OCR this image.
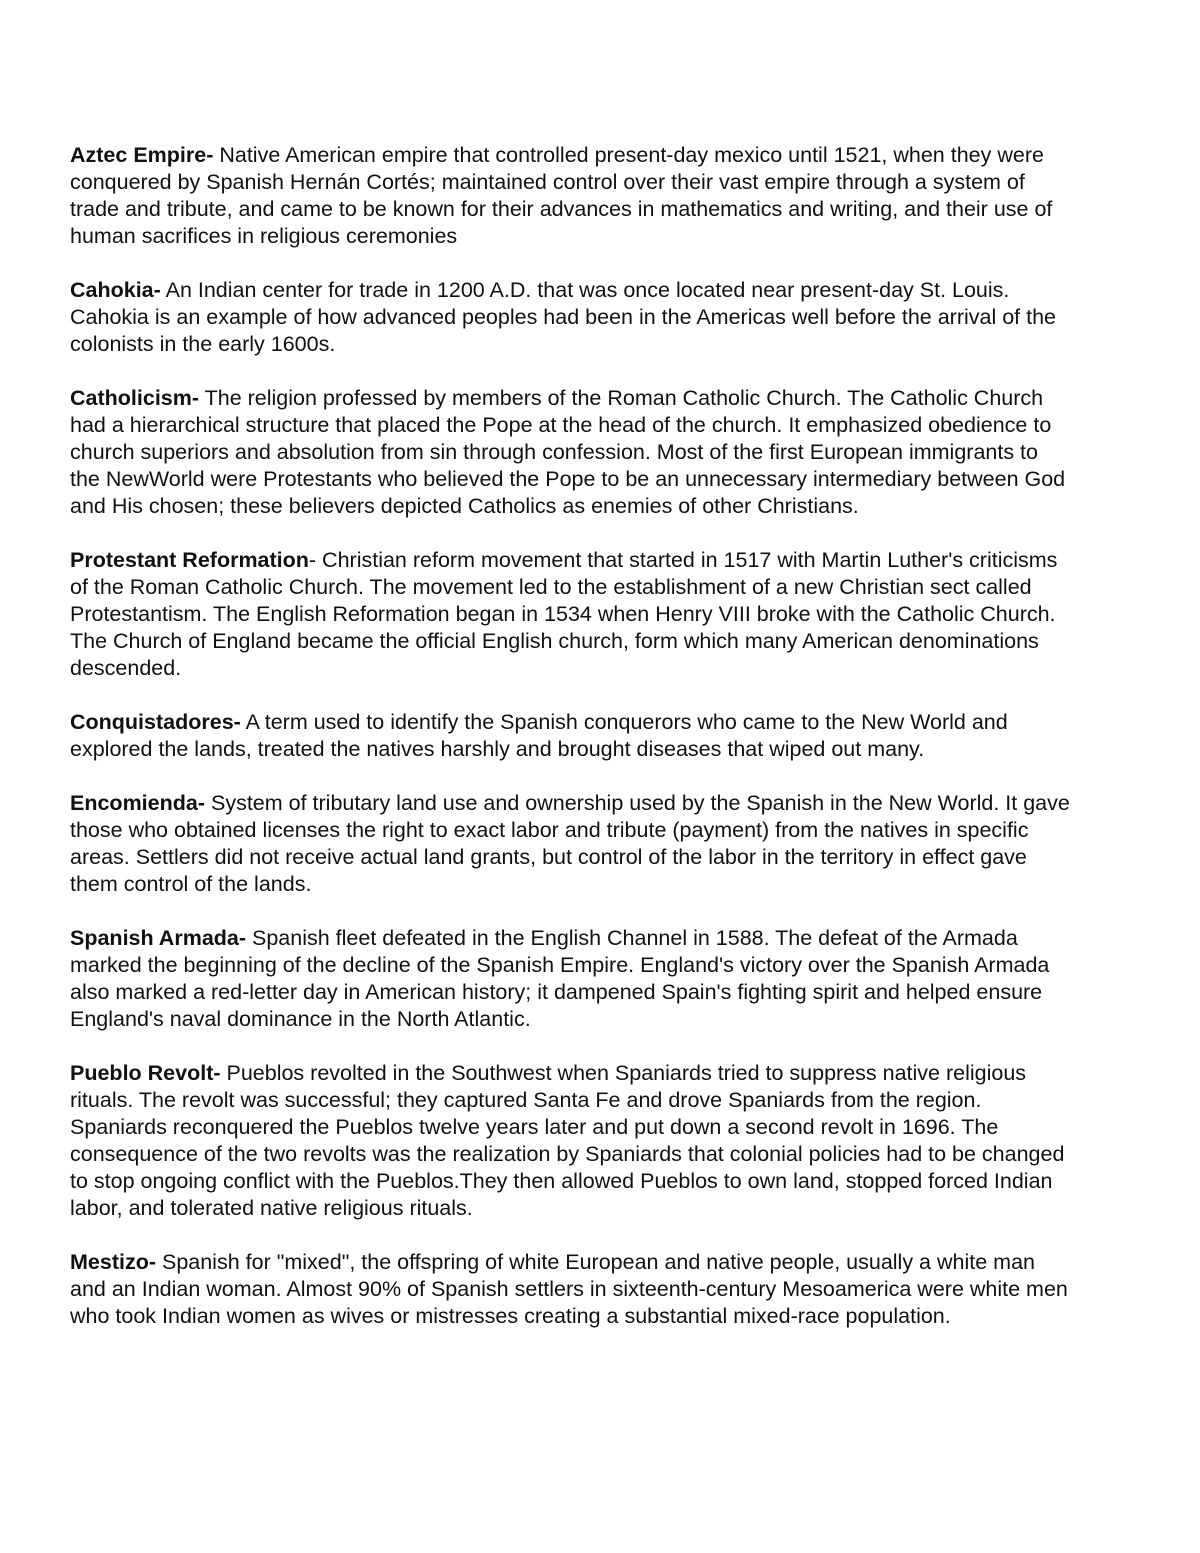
Aztec Empire- Native American empire that controlled present-day mexico until 1521, when they were conquered by Spanish Hernán Cortés; maintained control over their vast empire through a system of trade and tribute, and came to be known for their advances in mathematics and writing, and their use of human sacrifices in religious ceremonies

Cahokia- An Indian center for trade in 1200 A.D. that was once located near present-day St. Louis. Cahokia is an example of how advanced peoples had been in the Americas well before the arrival of the colonists in the early 1600s.

Catholicism- The religion professed by members of the Roman Catholic Church. The Catholic Church had a hierarchical structure that placed the Pope at the head of the church. It emphasized obedience to church superiors and absolution from sin through confession. Most of the first European immigrants to the NewWorld were Protestants who believed the Pope to be an unnecessary intermediary between God and His chosen; these believers depicted Catholics as enemies of other Christians.

Protestant Reformation- Christian reform movement that started in 1517 with Martin Luther's criticisms of the Roman Catholic Church. The movement led to the establishment of a new Christian sect called Protestantism. The English Reformation began in 1534 when Henry VIII broke with the Catholic Church. The Church of England became the official English church, form which many American denominations descended.

Conquistadores- A term used to identify the Spanish conquerors who came to the New World and explored the lands, treated the natives harshly and brought diseases that wiped out many.

Encomienda- System of tributary land use and ownership used by the Spanish in the New World. It gave those who obtained licenses the right to exact labor and tribute (payment) from the natives in specific areas. Settlers did not receive actual land grants, but control of the labor in the territory in effect gave them control of the lands.

Spanish Armada- Spanish fleet defeated in the English Channel in 1588. The defeat of the Armada marked the beginning of the decline of the Spanish Empire. England's victory over the Spanish Armada also marked a red-letter day in American history; it dampened Spain's fighting spirit and helped ensure England's naval dominance in the North Atlantic.

Pueblo Revolt- Pueblos revolted in the Southwest when Spaniards tried to suppress native religious rituals. The revolt was successful; they captured Santa Fe and drove Spaniards from the region. Spaniards reconquered the Pueblos twelve years later and put down a second revolt in 1696. The consequence of the two revolts was the realization by Spaniards that colonial policies had to be changed to stop ongoing conflict with the Pueblos.They then allowed Pueblos to own land, stopped forced Indian labor, and tolerated native religious rituals.

Mestizo- Spanish for "mixed", the offspring of white European and native people, usually a white man and an Indian woman. Almost 90% of Spanish settlers in sixteenth-century Mesoamerica were white men who took Indian women as wives or mistresses creating a substantial mixed-race population.
